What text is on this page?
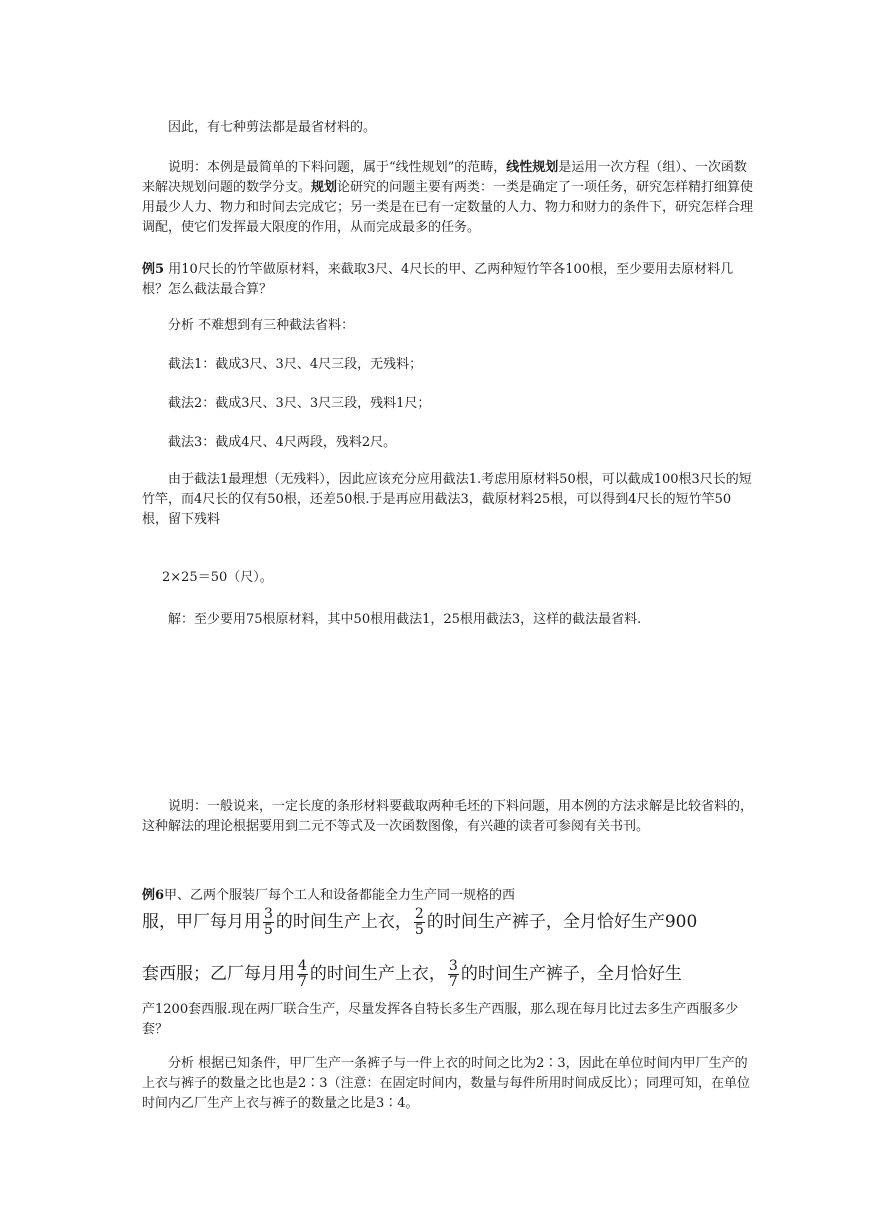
因此，有七种剪法都是最省材料的。

说明：本例是最简单的下料问题，属于“线性规划”的范畴，线性规划是运用一次方程（组）、一次函数来解决规划问题的数学分支。规划论研究的问题主要有两类：一类是确定了一项任务，研究怎样精打细算使用最少人力、物力和时间去完成它；另一类是在已有一定数量的人力、物力和财力的条件下，研究怎样合理调配，使它们发挥最大限度的作用，从而完成最多的任务。

例5 用10尺长的竹竿做原材料，来截取3尺、4尺长的甲、乙两种短竹竿各100根，至少要用去原材料几根？怎么截法最合算？

分析 不难想到有三种截法省料：

截法1：截成3尺、3尺、4尺三段，无残料；

截法2：截成3尺、3尺、3尺三段，残料1尺；

截法3：截成4尺、4尺两段，残料2尺。

由于截法1最理想（无残料），因此应该充分应用截法1.考虑用原材料50根，可以截成100根3尺长的短竹竿，而4尺长的仅有50根，还差50根.于是再应用截法3，截原材料25根，可以得到4尺长的短竹竿50根，留下残料

2×25＝50（尺）。

解：至少要用75根原材料，其中50根用截法1，25根用截法3，这样的截法最省料.

说明：一般说来，一定长度的条形材料要截取两种毛坯的下料问题，用本例的方法求解是比较省料的，这种解法的理论根据要用到二元不等式及一次函数图像，有兴趣的读者可参阅有关书刊。

例6甲、乙两个服装厂每个工人和设备都能全力生产同一规格的西

服，甲厂每月用 $\frac{3}{5}$ 的时间生产上衣， $\frac{2}{5}$ 的时间生产裤子，全月恰好生产900

套西服；乙厂每月用 $\frac{4}{7}$ 的时间生产上衣， $\frac{3}{7}$ 的时间生产裤子，全月恰好生

产1200套西服.现在两厂联合生产，尽量发挥各自特长多生产西服，那么现在每月比过去多生产西服多少套？

分析 根据已知条件，甲厂生产一条裤子与一件上衣的时间之比为2∶3，因此在单位时间内甲厂生产的上衣与裤子的数量之比也是2∶3（注意：在固定时间内，数量与每件所用时间成反比）；同理可知，在单位时间内乙厂生产上衣与裤子的数量之比是3∶4。
